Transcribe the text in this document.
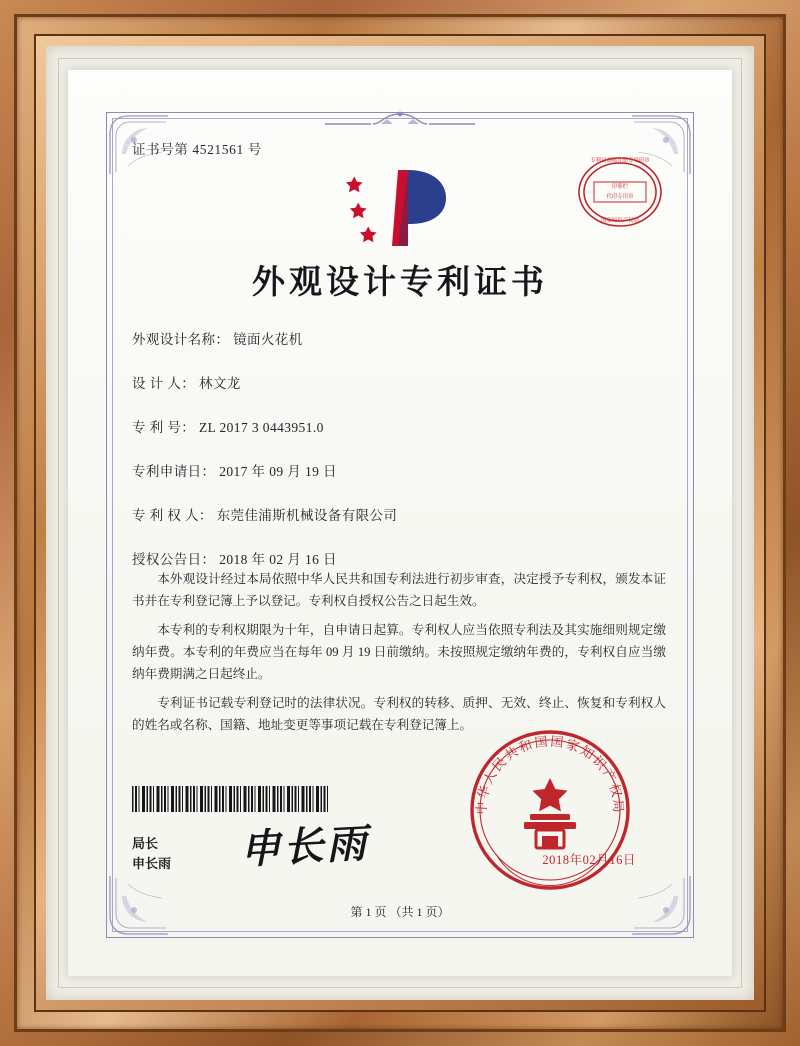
证书号第 4521561 号
专利局商标注册专用印章
印鉴栏
代印专用章
国家知识产权局
外观设计专利证书
外观设计名称： 镜面火花机
设 计 人： 林文龙
专 利 号： ZL 2017 3 0443951.0
专利申请日： 2017 年 09 月 19 日
专 利 权 人： 东莞佳浦斯机械设备有限公司
授权公告日： 2018 年 02 月 16 日

本外观设计经过本局依照中华人民共和国专利法进行初步审查，决定授予专利权，颁发本证书并在专利登记簿上予以登记。专利权自授权公告之日起生效。

本专利的专利权期限为十年，自申请日起算。专利权人应当依照专利法及其实施细则规定缴纳年费。本专利的年费应当在每年 09 月 19 日前缴纳。未按照规定缴纳年费的，专利权自应当缴纳年费期满之日起终止。

专利证书记载专利登记时的法律状况。专利权的转移、质押、无效、终止、恢复和专利权人的姓名或名称、国籍、地址变更等事项记载在专利登记簿上。

局长
申长雨 申长雨
中华人民共和国国家知识产权局
2018年02月16日
第 1 页 （共 1 页）
